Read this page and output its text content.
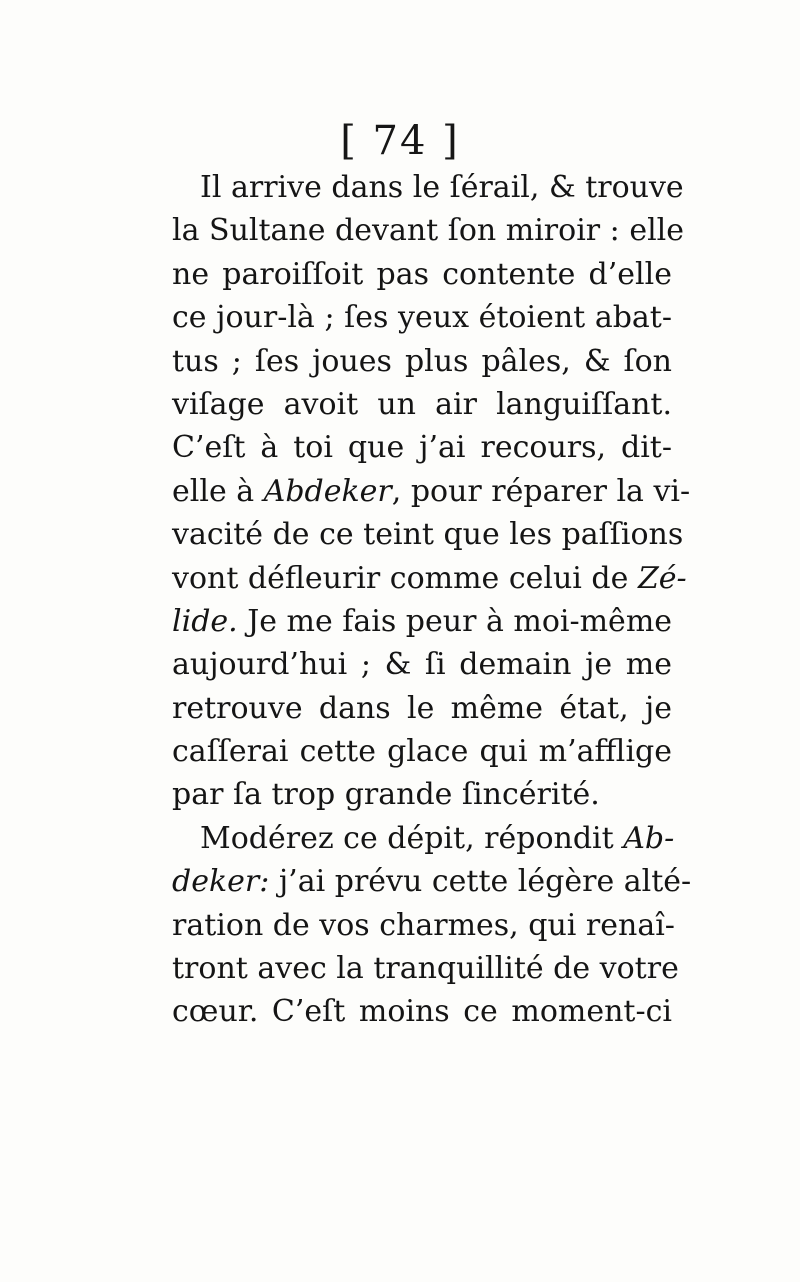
[ 74 ]
Il arrive dans le ſérail, & trouve
la Sultane devant ſon miroir : elle
ne paroiſſoit pas contente d’elle
ce jour-là ; ſes yeux étoient abat-
tus ; ſes joues plus pâles, & ſon
viſage avoit un air languiſſant.
C’eſt à toi que j’ai recours, dit-
elle à Abdeker, pour réparer la vi-
vacité de ce teint que les paſſions
vont défleurir comme celui de Zé-
lide. Je me fais peur à moi-même
aujourd’hui ; & ſi demain je me
retrouve dans le même état, je
caſſerai cette glace qui m’afflige
par ſa trop grande ſincérité.
Modérez ce dépit, répondit Ab-
deker: j’ai prévu cette légère alté-
ration de vos charmes, qui renaî-
tront avec la tranquillité de votre
cœur. C’eſt moins ce moment-ci
